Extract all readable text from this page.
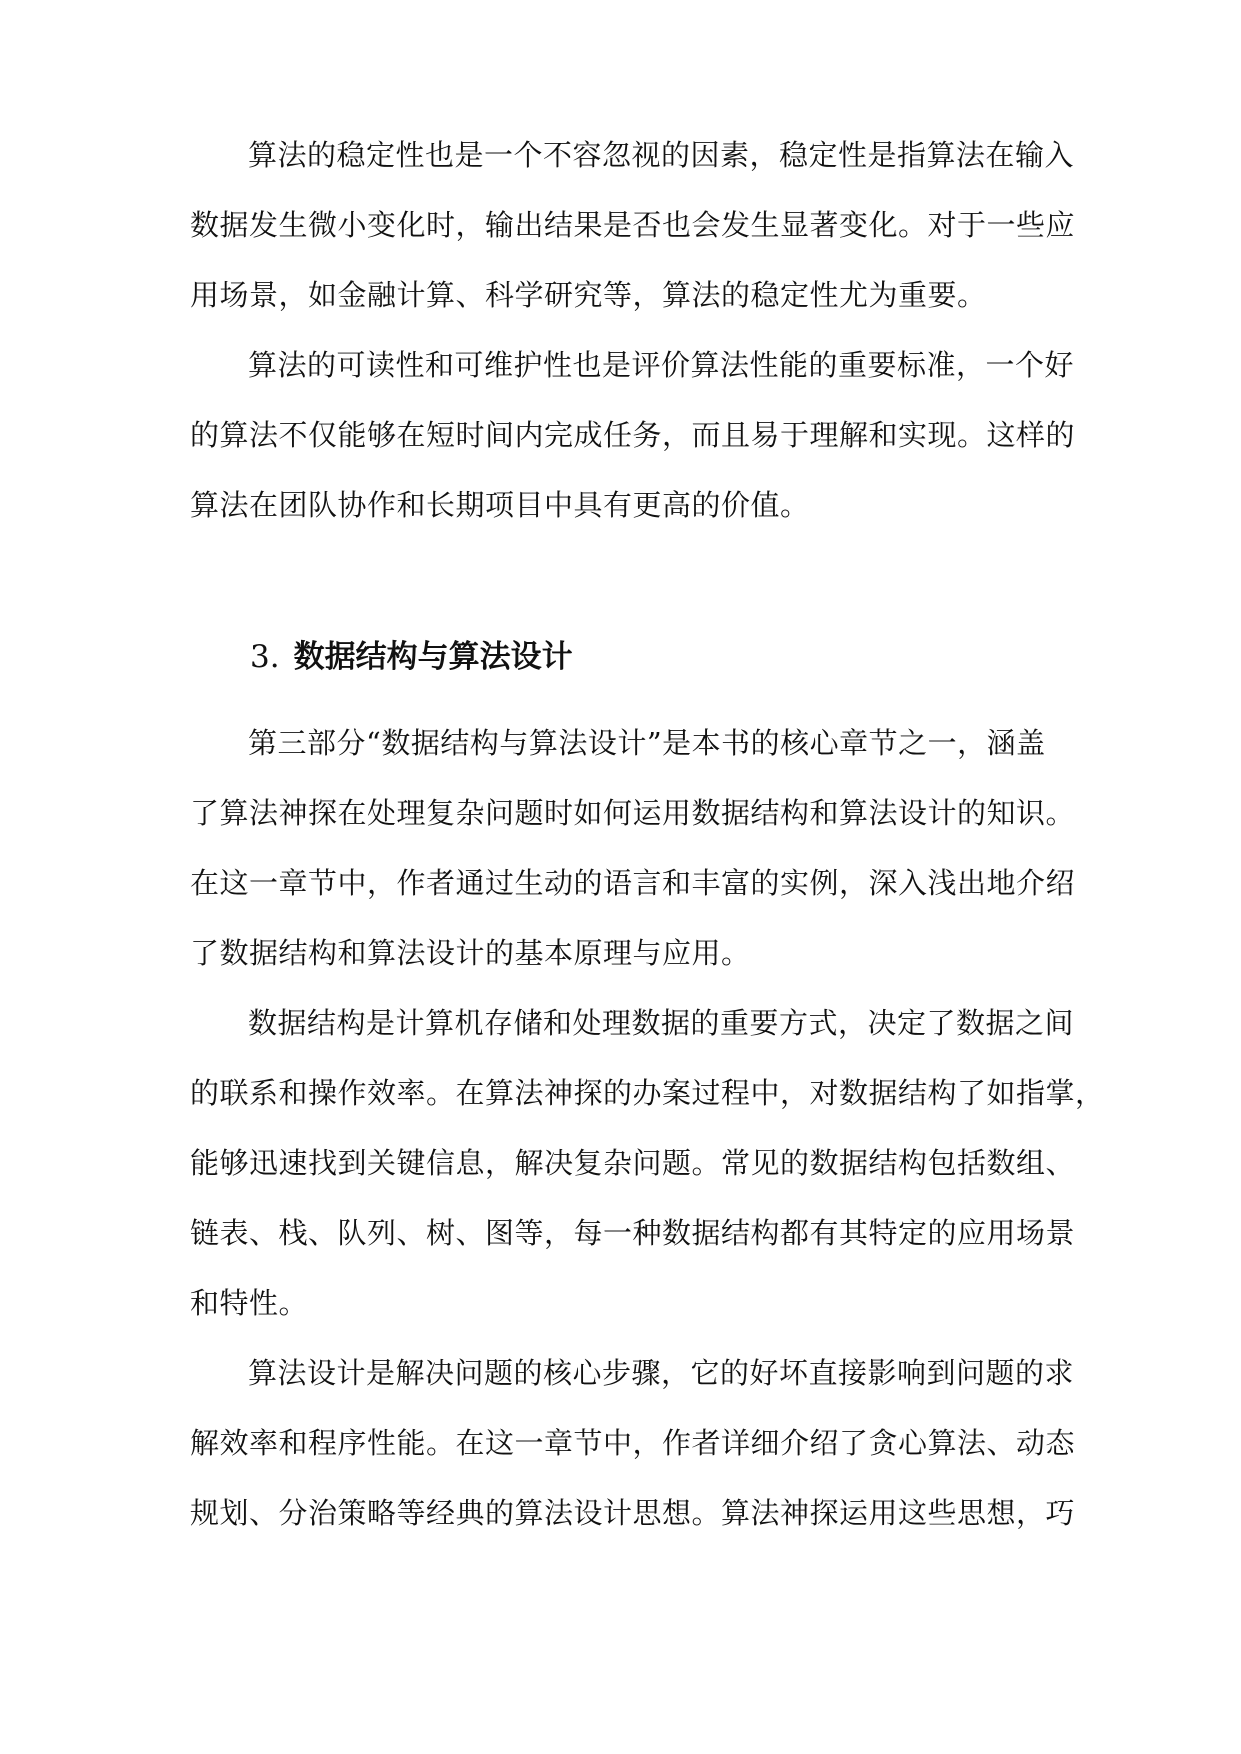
算法的稳定性也是一个不容忽视的因素，稳定性是指算法在输入
数据发生微小变化时，输出结果是否也会发生显著变化。对于一些应
用场景，如金融计算、科学研究等，算法的稳定性尤为重要。
算法的可读性和可维护性也是评价算法性能的重要标准，一个好
的算法不仅能够在短时间内完成任务，而且易于理解和实现。这样的
算法在团队协作和长期项目中具有更高的价值。
3. 数据结构与算法设计
第三部分“数据结构与算法设计”是本书的核心章节之一，涵盖
了算法神探在处理复杂问题时如何运用数据结构和算法设计的知识。
在这一章节中，作者通过生动的语言和丰富的实例，深入浅出地介绍
了数据结构和算法设计的基本原理与应用。
数据结构是计算机存储和处理数据的重要方式，决定了数据之间
的联系和操作效率。在算法神探的办案过程中，对数据结构了如指掌，
能够迅速找到关键信息，解决复杂问题。常见的数据结构包括数组、
链表、栈、队列、树、图等，每一种数据结构都有其特定的应用场景
和特性。
算法设计是解决问题的核心步骤，它的好坏直接影响到问题的求
解效率和程序性能。在这一章节中，作者详细介绍了贪心算法、动态
规划、分治策略等经典的算法设计思想。算法神探运用这些思想，巧
